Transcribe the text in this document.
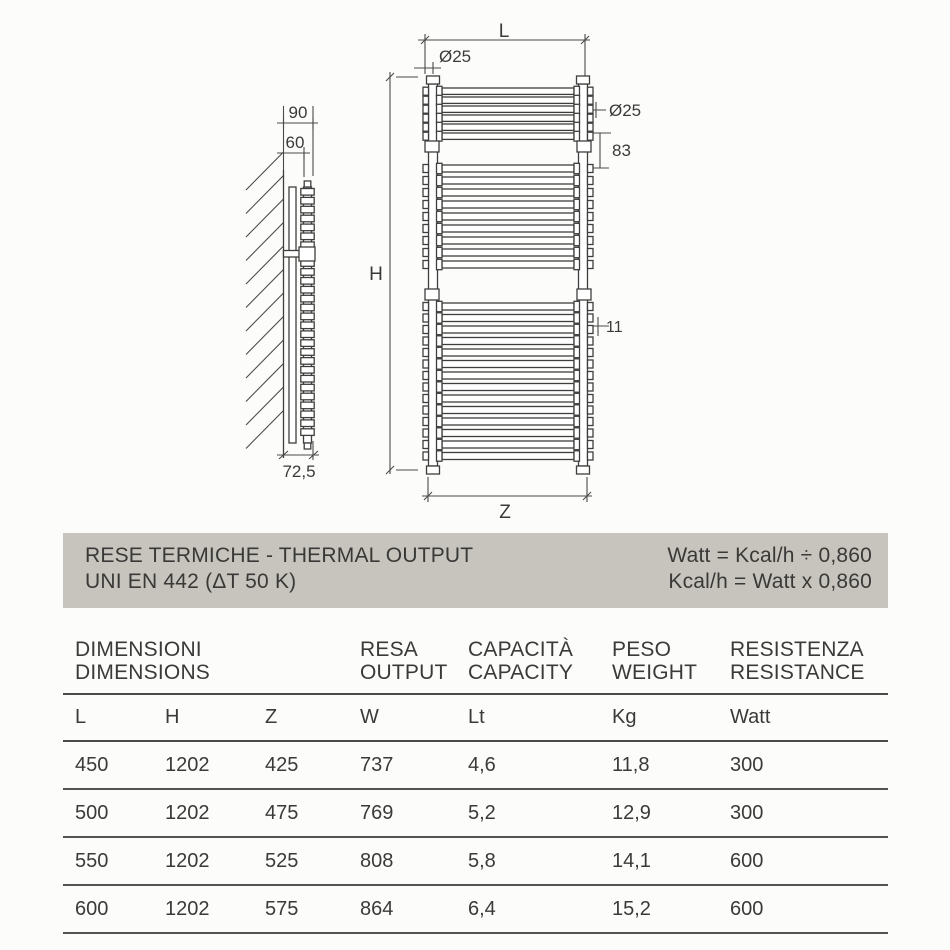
L
Ø25
Ø25
83
H
11
Z
90
60
72,5
RESE TERMICHE - THERMAL OUTPUT
UNI EN 442 (ΔT 50 K)
Watt = Kcal/h ÷ 0,860
Kcal/h = Watt x 0,860
DIMENSIONI
DIMENSIONS
RESA
OUTPUT
CAPACITÀ
CAPACITY
PESO
WEIGHT
RESISTENZA
RESISTANCE
L	H	Z	W	Lt	Kg	Watt
450	1202	425	737	4,6	11,8	300
500	1202	475	769	5,2	12,9	300
550	1202	525	808	5,8	14,1	600
600	1202	575	864	6,4	15,2	600
